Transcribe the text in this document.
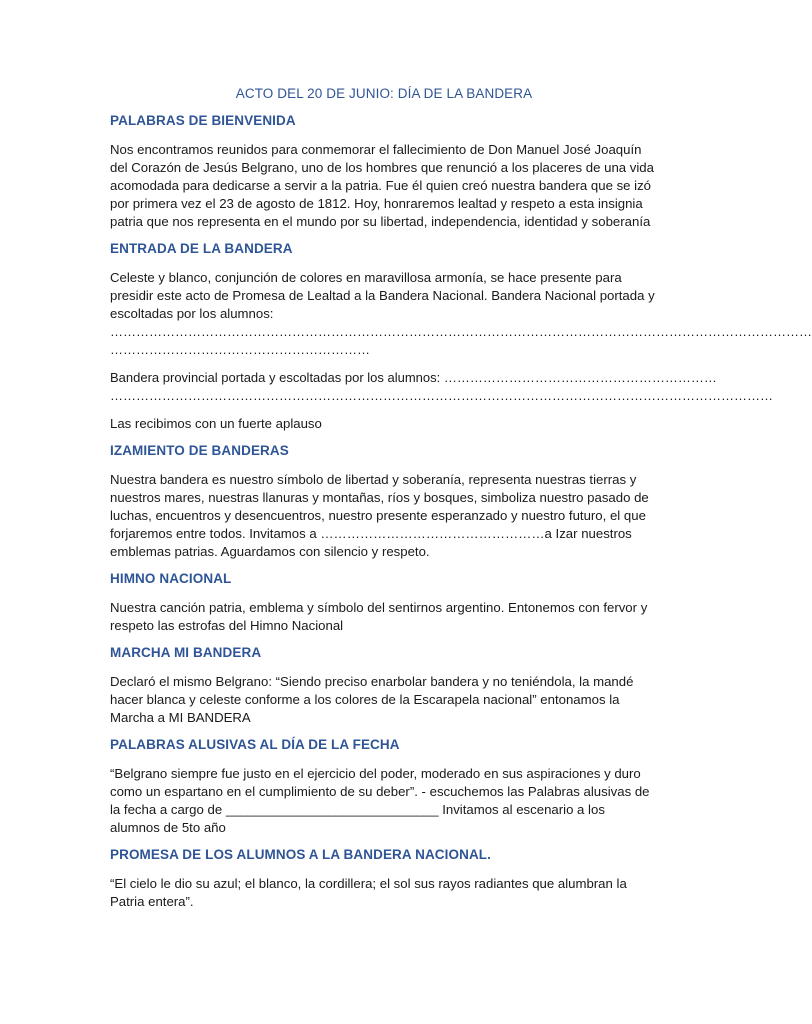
ACTO DEL 20 DE JUNIO: DÍA DE LA BANDERA
PALABRAS DE BIENVENIDA

Nos encontramos reunidos para conmemorar el fallecimiento de Don Manuel José Joaquín del Corazón de Jesús Belgrano, uno de los hombres que renunció a los placeres de una vida acomodada para dedicarse a servir a la patria. Fue él quien creó nuestra bandera que se izó por primera vez el 23 de agosto de 1812. Hoy, honraremos lealtad y respeto a esta insignia patria que nos representa en el mundo por su libertad, independencia, identidad y soberanía

ENTRADA DE LA BANDERA

Celeste y blanco, conjunción de colores en maravillosa armonía, se hace presente para presidir este acto de Promesa de Lealtad a la Bandera Nacional. Bandera Nacional portada y escoltadas por los alumnos:

………………………………………………………………………………………………………………………………………………

……………………………………………………

Bandera provincial portada y escoltadas por los alumnos: ………………………………………………………

………………………………………………………………………………………………………………………………………

Las recibimos con un fuerte aplauso

IZAMIENTO DE BANDERAS

Nuestra bandera es nuestro símbolo de libertad y soberanía, representa nuestras tierras y nuestros mares, nuestras llanuras y montañas, ríos y bosques, simboliza nuestro pasado de luchas, encuentros y desencuentros, nuestro presente esperanzado y nuestro futuro, el que forjaremos entre todos. Invitamos a ……………………………………………a Izar nuestros emblemas patrias. Aguardamos con silencio y respeto.

HIMNO NACIONAL

Nuestra canción patria, emblema y símbolo del sentirnos argentino. Entonemos con fervor y respeto las estrofas del Himno Nacional

MARCHA MI BANDERA

Declaró el mismo Belgrano: “Siendo preciso enarbolar bandera y no teniéndola, la mandé hacer blanca y celeste conforme a los colores de la Escarapela nacional” entonamos la Marcha a MI BANDERA

PALABRAS ALUSIVAS AL DÍA DE LA FECHA

“Belgrano siempre fue justo en el ejercicio del poder, moderado en sus aspiraciones y duro como un espartano en el cumplimiento de su deber”. - escuchemos las Palabras alusivas de la fecha a cargo de _____________________________ Invitamos al escenario a los alumnos de 5to año

PROMESA DE LOS ALUMNOS A LA BANDERA NACIONAL.

“El cielo le dio su azul; el blanco, la cordillera; el sol sus rayos radiantes que alumbran la Patria entera”.
